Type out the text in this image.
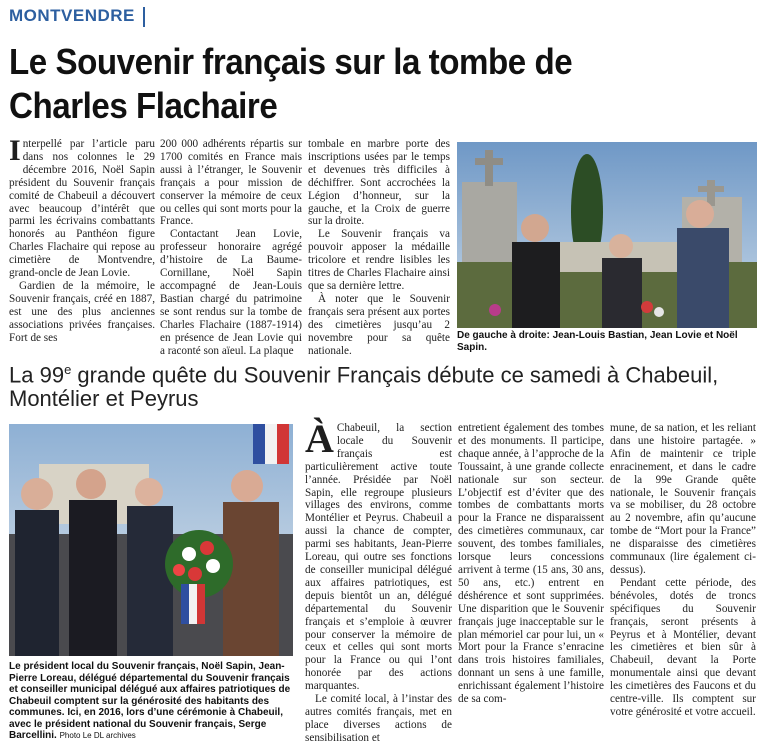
MONTVENDRE
Le Souvenir français sur la tombe de Charles Flachaire

Interpellé par l’article paru dans nos colonnes le 29 décembre 2016, Noël Sapin président du Souvenir français comité de Chabeuil a découvert avec beaucoup d’intérêt que parmi les écrivains combattants honorés au Panthéon figure Charles Flachaire qui repose au cimetière de Montvendre, grand-oncle de Jean Lovie.

Gardien de la mémoire, le Souvenir français, créé en 1887, est une des plus anciennes associations privées françaises. Fort de ses

200 000 adhérents répartis sur 1700 comités en France mais aussi à l’étranger, le Souvenir français a pour mission de conserver la mémoire de ceux ou celles qui sont morts pour la France.

Contactant Jean Lovie, professeur honoraire agrégé d’histoire de La Baume-Cornillane, Noël Sapin accompagné de Jean-Louis Bastian chargé du patrimoine se sont rendus sur la tombe de Charles Flachaire (1887-1914) en présence de Jean Lovie qui a raconté son aïeul. La plaque

tombale en marbre porte des inscriptions usées par le temps et devenues très difficiles à déchiffrer. Sont accrochées la Légion d’honneur, sur la gauche, et la Croix de guerre sur la droite.

Le Souvenir français va pouvoir apposer la médaille tricolore et rendre lisibles les titres de Charles Flachaire ainsi que sa dernière lettre.

À noter que le Souvenir français sera présent aux portes des cimetières jusqu’au 2 novembre pour sa quête nationale.

De gauche à droite: Jean-Louis Bastian, Jean Lovie et Noël Sapin.
La 99e grande quête du Souvenir Français débute ce samedi à Chabeuil, Montélier et Peyrus
Le président local du Souvenir français, Noël Sapin, Jean-Pierre Loreau, délégué départemental du Souvenir français et conseiller municipal délégué aux affaires patriotiques de Chabeuil comptent sur la générosité des habitants des communes. Ici, en 2016, lors d’une cérémonie à Chabeuil, avec le président national du Souvenir français, Serge Barcellini. Photo Le DL archives

À Chabeuil, la section locale du Souvenir français est particulièrement active toute l’année. Présidée par Noël Sapin, elle regroupe plusieurs villages des environs, comme Montélier et Peyrus. Chabeuil a aussi la chance de compter, parmi ses habitants, Jean-Pierre Loreau, qui outre ses fonctions de conseiller municipal délégué aux affaires patriotiques, est depuis bientôt un an, délégué départemental du Souvenir français et s’emploie à œuvrer pour conserver la mémoire de ceux et celles qui sont morts pour la France ou qui l’ont honorée par des actions marquantes.

Le comité local, à l’instar des autres comités français, met en place diverses actions de sensibilisation et

entretient également des tombes et des monuments. Il participe, chaque année, à l’approche de la Toussaint, à une grande collecte nationale sur son secteur. L’objectif est d’éviter que des tombes de combattants morts pour la France ne disparaissent des cimetières communaux, car souvent, des tombes familiales, lorsque leurs concessions arrivent à terme (15 ans, 30 ans, 50 ans, etc.) entrent en déshérence et sont supprimées. Une disparition que le Souvenir français juge inacceptable sur le plan mémoriel car pour lui, un « Mort pour la France s’enracine dans trois histoires familiales, donnant un sens à une famille, enrichissant également l’histoire de sa com-

mune, de sa nation, et les reliant dans une histoire partagée. » Afin de maintenir ce triple enracinement, et dans le cadre de la 99e Grande quête nationale, le Souvenir français va se mobiliser, du 28 octobre au 2 novembre, afin qu’aucune tombe de “Mort pour la France” ne disparaisse des cimetières communaux (lire également ci-dessus).

Pendant cette période, des bénévoles, dotés de troncs spécifiques du Souvenir français, seront présents à Peyrus et à Montélier, devant les cimetières et bien sûr à Chabeuil, devant la Porte monumentale ainsi que devant les cimetières des Faucons et du centre-ville. Ils comptent sur votre générosité et votre accueil.
